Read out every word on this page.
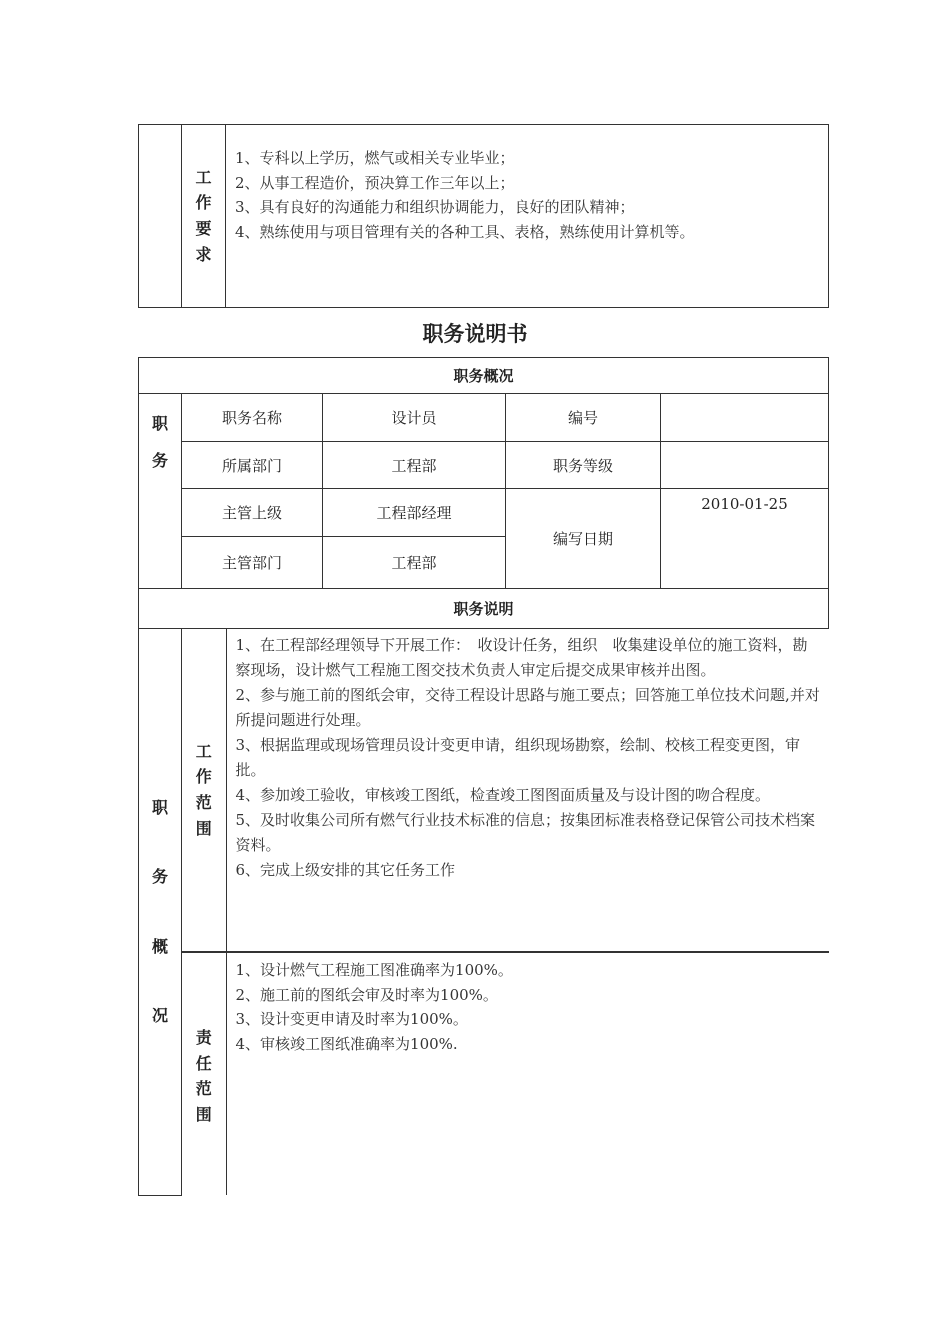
工
作
要
求

1、专科以上学历，燃气或相关专业毕业；
2、从事工程造价，预决算工作三年以上；
3、具有良好的沟通能力和组织协调能力，良好的团队精神；
4、熟练使用与项目管理有关的各种工具、表格，熟练使用计算机等。
职务说明书
职务概况

职
务
	职务名称	设计员	编号	
所属部门	工程部	职务等级	
主管上级	工程部经理	编写日期	2010-01-25
主管部门	工程部
职务说明

职
务
概
况

工
作
范
围

1、在工程部经理领导下开展工作：　收设计任务，组织　收集建设单位的施工资料，勘察现场，设计燃气工程施工图交技术负责人审定后提交成果审核并出图。
2、参与施工前的图纸会审，交待工程设计思路与施工要点；回答施工单位技术问题,并对所提问题进行处理。
3、根据监理或现场管理员设计变更申请，组织现场勘察，绘制、校核工程变更图，审批。
4、参加竣工验收，审核竣工图纸，检查竣工图图面质量及与设计图的吻合程度。
5、及时收集公司所有燃气行业技术标准的信息；按集团标准表格登记保管公司技术档案资料。
6、完成上级安排的其它任务工作

责
任
范
围

1、设计燃气工程施工图准确率为100%。
2、施工前的图纸会审及时率为100%。
3、设计变更申请及时率为100%。
4、审核竣工图纸准确率为100%.
